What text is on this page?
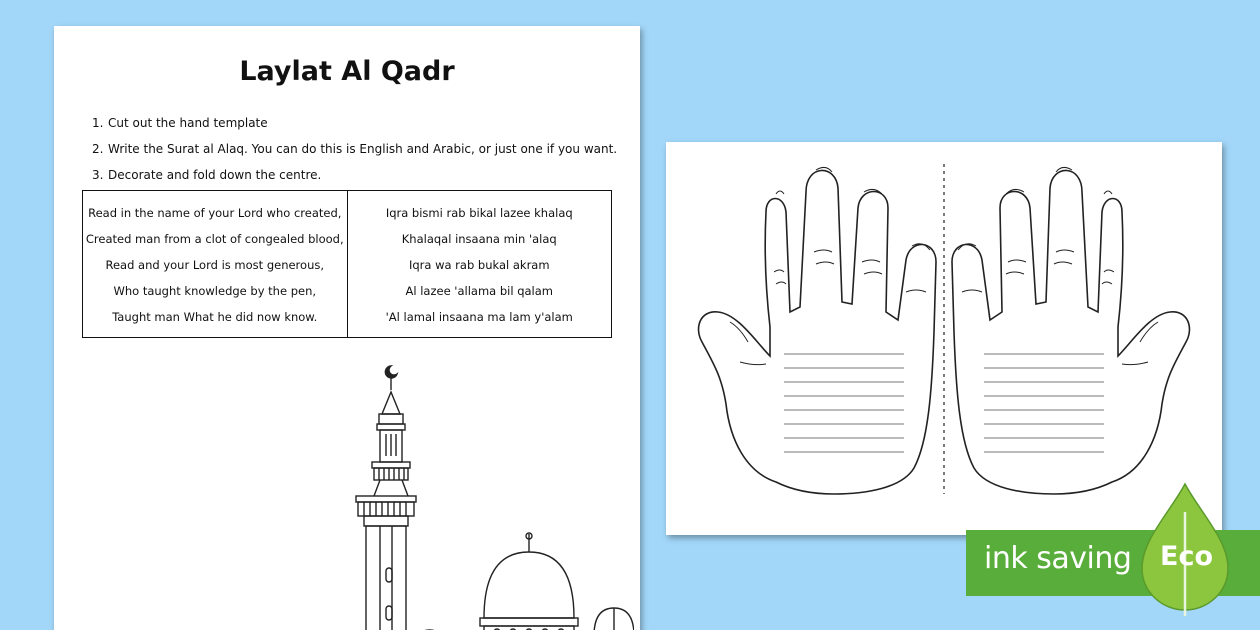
Laylat Al Qadr
1. Cut out the hand template
2. Write the Surat al Alaq. You can do this is English and Arabic, or just one if you want.
3. Decorate and fold down the centre.
Read in the name of your Lord who created,
Created man from a clot of congealed blood,
Read and your Lord is most generous,
Who taught knowledge by the pen,
Taught man What he did now know.
Iqra bismi rab bikal lazee khalaq
Khalaqal insaana min 'alaq
Iqra wa rab bukal akram
Al lazee 'allama bil qalam
'Al lamal insaana ma lam y'alam
ink saving Eco
